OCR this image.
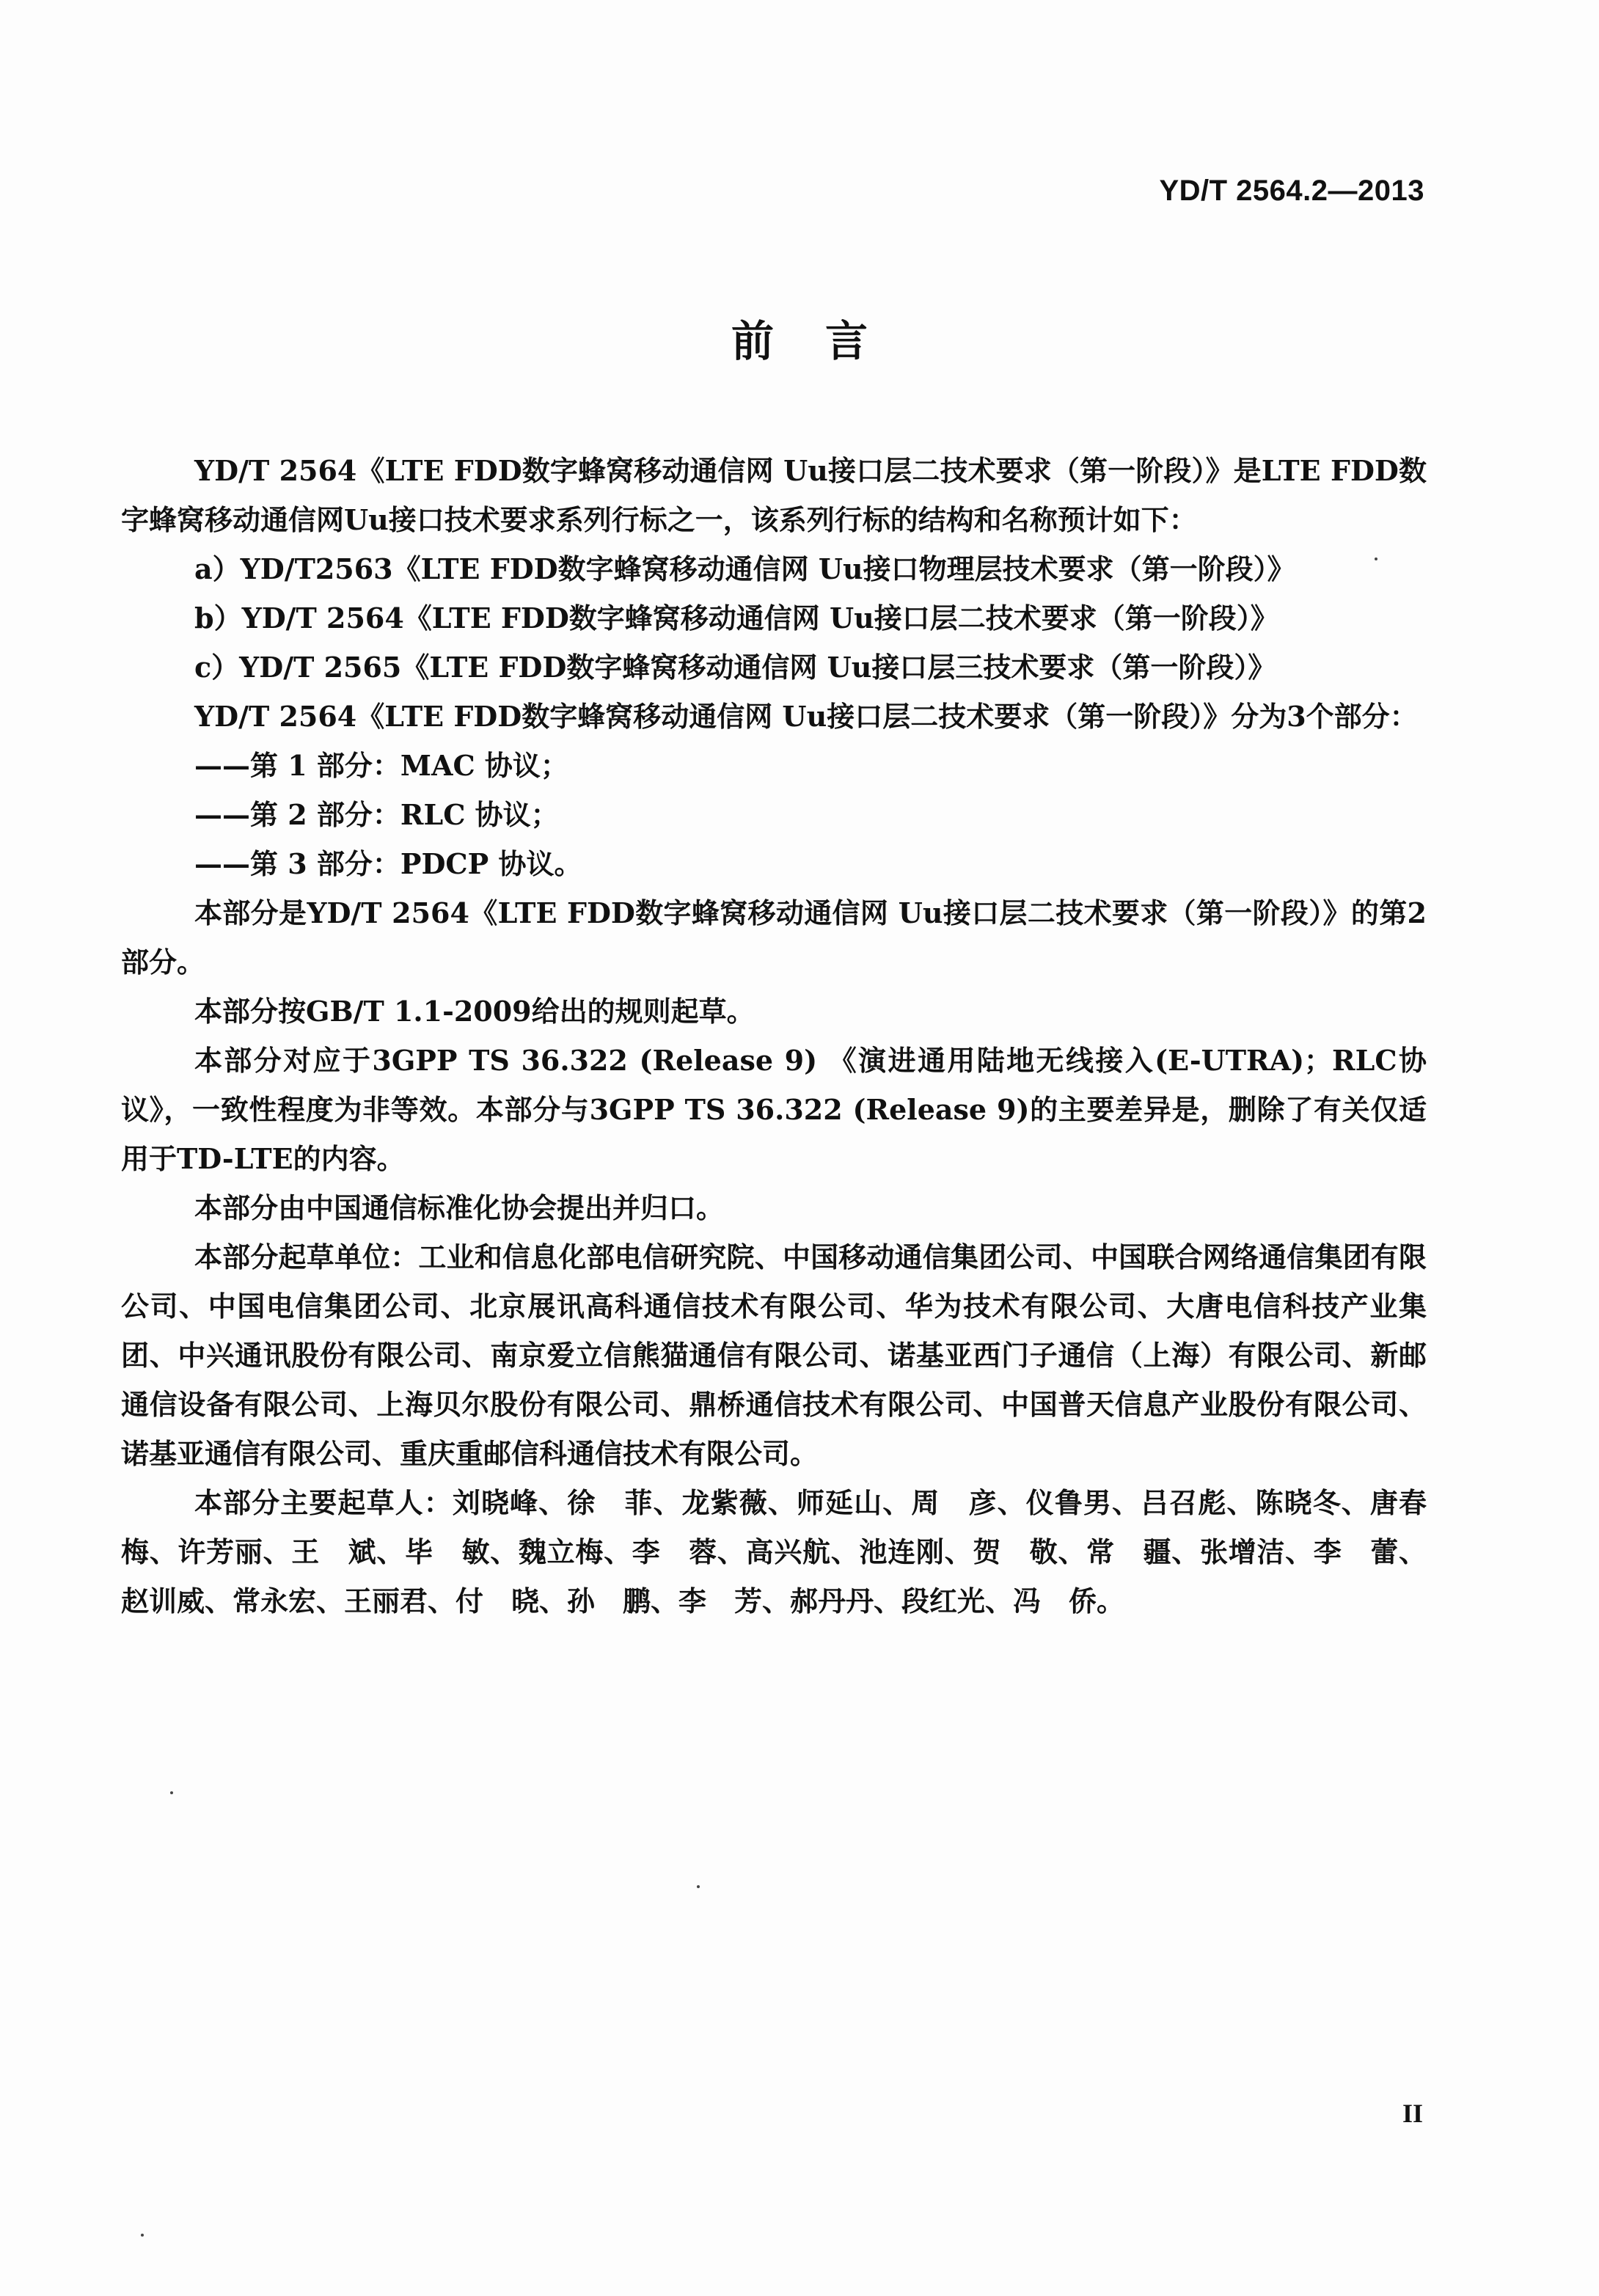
YD/T 2564.2—2013
前言

YD/T 2564《LTE FDD数字蜂窝移动通信网 Uu接口层二技术要求（第一阶段）》是LTE FDD数字蜂窝移动通信网Uu接口技术要求系列行标之一，该系列行标的结构和名称预计如下：

a）YD/T2563《LTE FDD数字蜂窝移动通信网 Uu接口物理层技术要求（第一阶段）》

b）YD/T 2564《LTE FDD数字蜂窝移动通信网 Uu接口层二技术要求（第一阶段）》

c）YD/T 2565《LTE FDD数字蜂窝移动通信网 Uu接口层三技术要求（第一阶段）》

YD/T 2564《LTE FDD数字蜂窝移动通信网 Uu接口层二技术要求（第一阶段）》分为3个部分：

——第 1 部分：MAC 协议；

——第 2 部分：RLC 协议；

——第 3 部分：PDCP 协议。

本部分是YD/T 2564《LTE FDD数字蜂窝移动通信网 Uu接口层二技术要求（第一阶段）》的第2部分。

本部分按GB/T 1.1-2009给出的规则起草。

本部分对应于3GPP TS 36.322 (Release 9) 《演进通用陆地无线接入(E-UTRA)；RLC协议》，一致性程度为非等效。本部分与3GPP TS 36.322 (Release 9)的主要差异是，删除了有关仅适用于TD-LTE的内容。

本部分由中国通信标准化协会提出并归口。

本部分起草单位：工业和信息化部电信研究院、中国移动通信集团公司、中国联合网络通信集团有限公司、中国电信集团公司、北京展讯高科通信技术有限公司、华为技术有限公司、大唐电信科技产业集团、中兴通讯股份有限公司、南京爱立信熊猫通信有限公司、诺基亚西门子通信（上海）有限公司、新邮通信设备有限公司、上海贝尔股份有限公司、鼎桥通信技术有限公司、中国普天信息产业股份有限公司、诺基亚通信有限公司、重庆重邮信科通信技术有限公司。

本部分主要起草人：刘晓峰、徐　菲、龙紫薇、师延山、周　彦、仪鲁男、吕召彪、陈晓冬、唐春梅、许芳丽、王　斌、毕　敏、魏立梅、李　蓉、高兴航、池连刚、贺　敬、常　疆、张增洁、李　蕾、赵训威、常永宏、王丽君、付　晓、孙　鹏、李　芳、郝丹丹、段红光、冯　侨。

II
